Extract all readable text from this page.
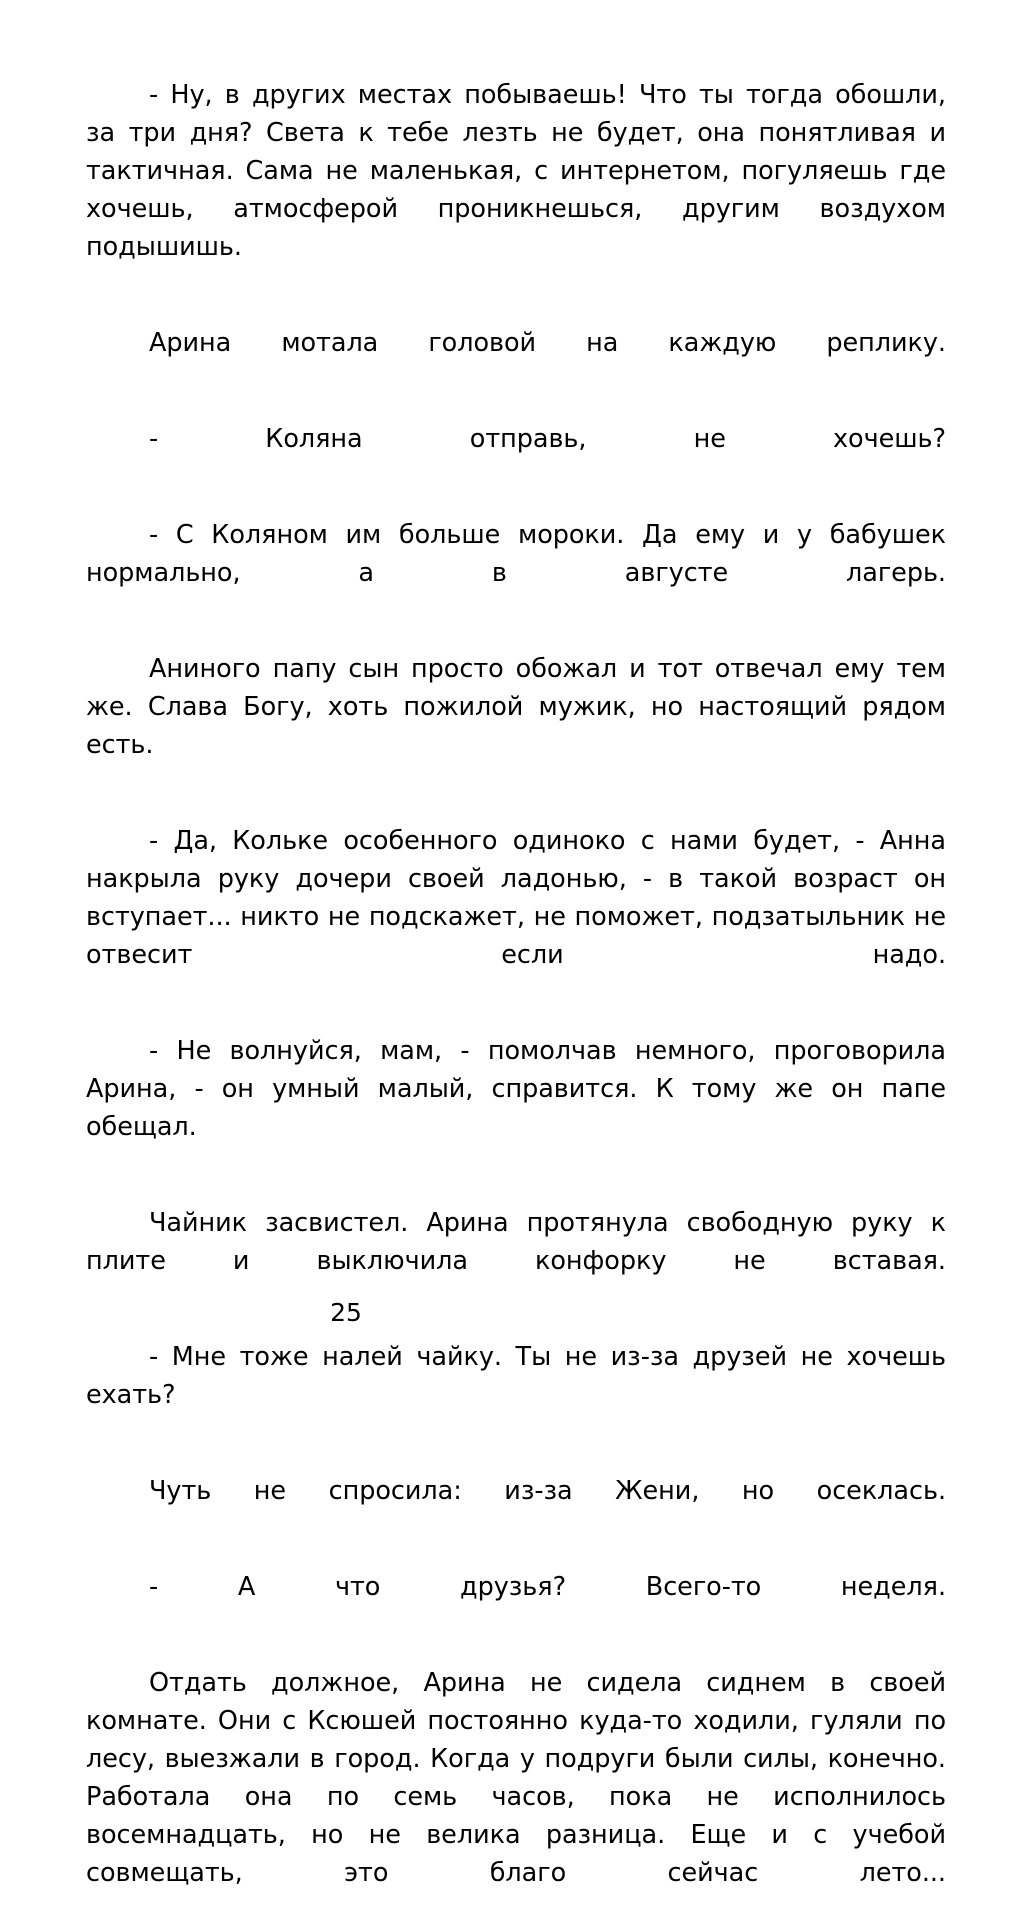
- Ну, в других местах побываешь! Что ты тогда обошли, за три дня? Света к тебе лезть не будет, она понятливая и тактичная. Сама не маленькая, с интернетом, погуляешь где хочешь, атмосферой проникнешься, другим воздухом подышишь.

Арина мотала головой на каждую реплику.

- Коляна отправь, не хочешь?

- С Коляном им больше мороки. Да ему и у бабушек нормально, а в августе лагерь.

Аниного папу сын просто обожал и тот отвечал ему тем же. Слава Богу, хоть пожилой мужик, но настоящий рядом есть.

- Да, Кольке особенного одиноко с нами будет, - Анна накрыла руку дочери своей ладонью, - в такой возраст он вступает... никто не подскажет, не поможет, подзатыльник не отвесит если надо.

- Не волнуйся, мам, - помолчав немного, проговорила Арина, - он умный малый, справится. К тому же он папе обещал.

Чайник засвистел. Арина протянула свободную руку к плите и выключила конфорку не вставая.

- Мне тоже налей чайку. Ты не из-за друзей не хочешь ехать?

Чуть не спросила: из-за Жени, но осеклась.

- А что друзья? Всего-то неделя.

Отдать должное, Арина не сидела сиднем в своей комнате. Они с Ксюшей постоянно куда-то ходили, гуляли по лесу, выезжали в город. Когда у подруги были силы, конечно. Работала она по семь часов, пока не исполнилось восемнадцать, но не велика разница. Еще и с учебой совмещать, это благо сейчас лето...

25
